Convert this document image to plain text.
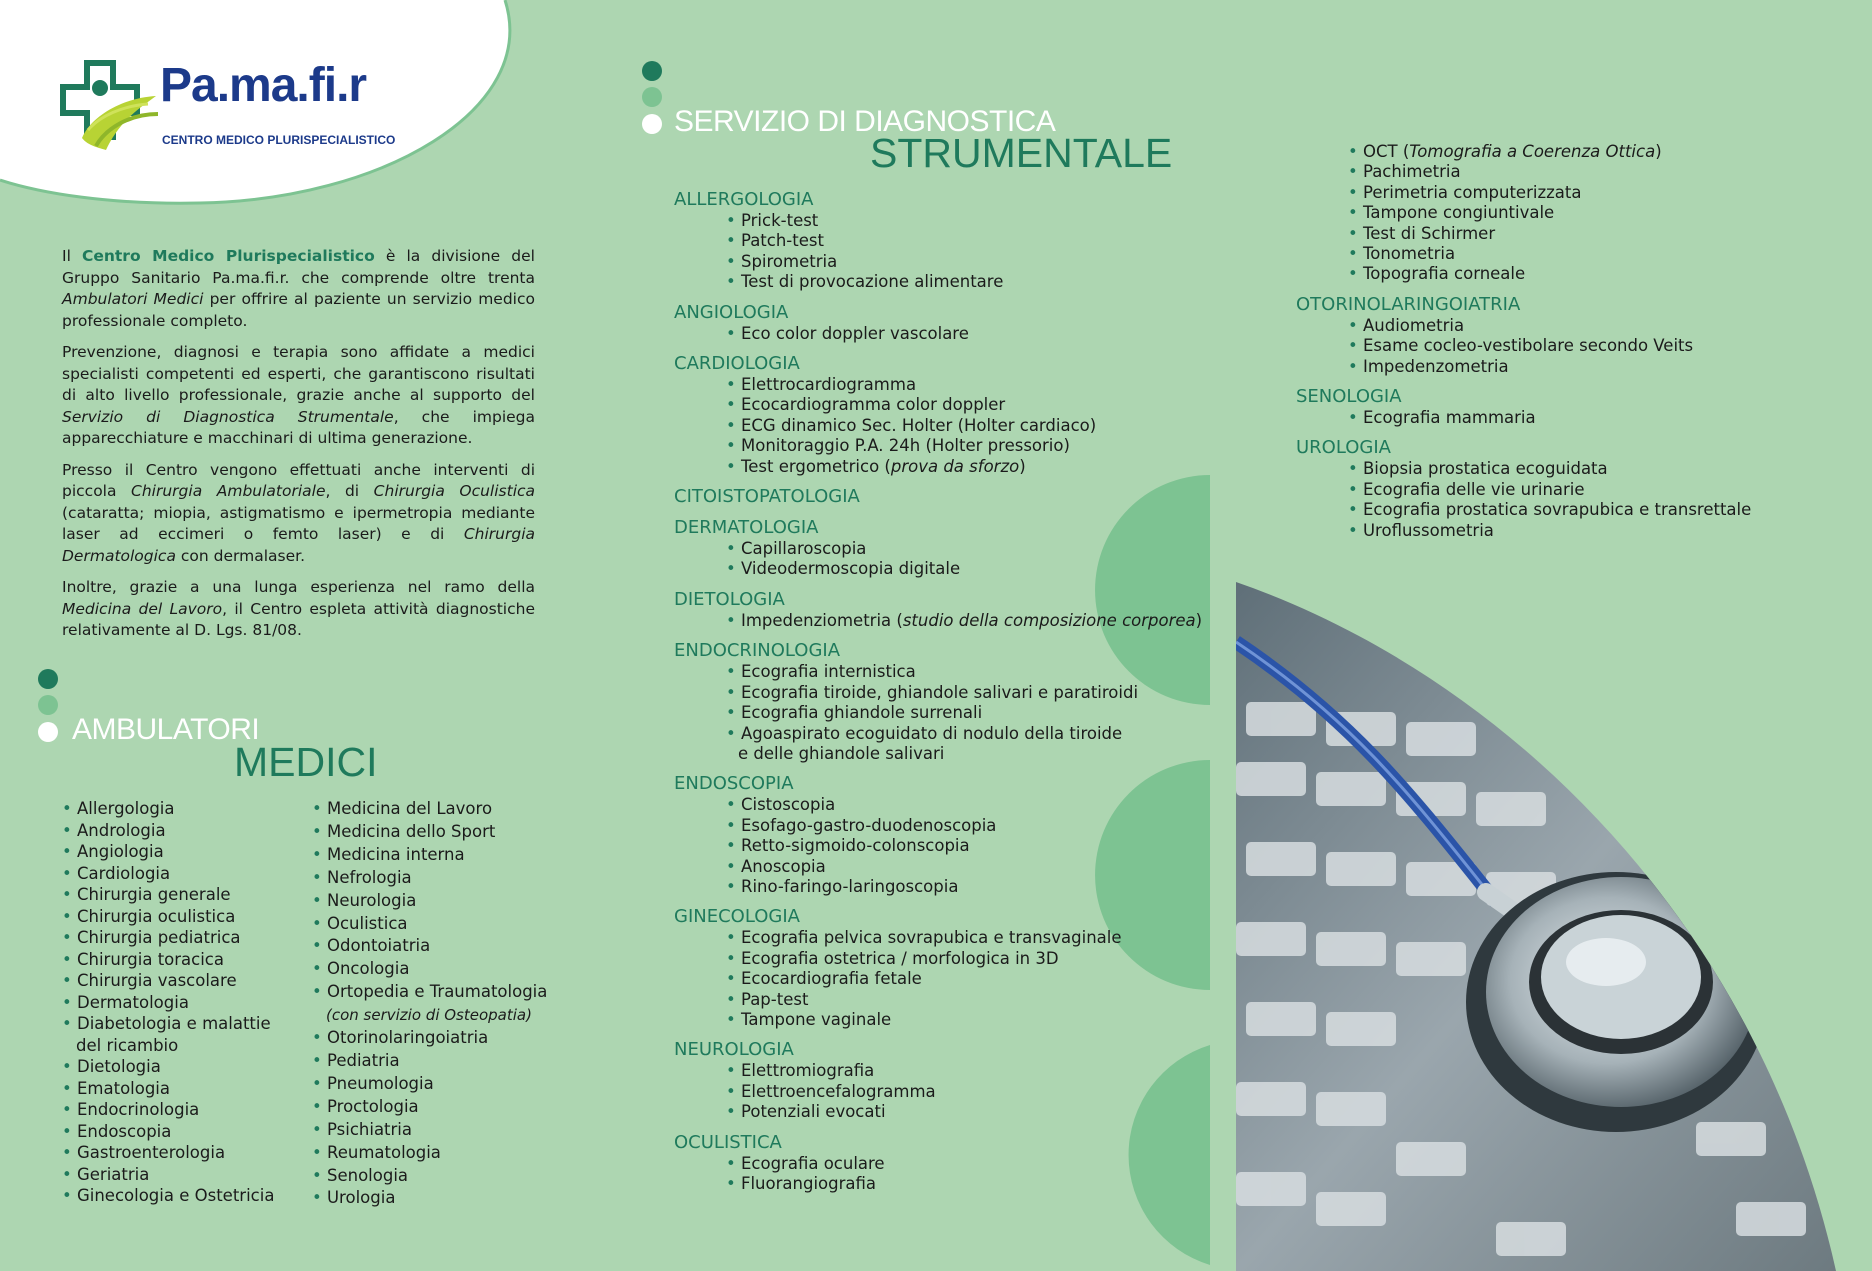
Pa.ma.fi.r
CENTRO MEDICO PLURISPECIALISTICO

Il Centro Medico Plurispecialistico è la divisione del Gruppo Sanitario Pa.ma.fi.r. che comprende oltre trenta Ambulatori Medici per offrire al paziente un servizio medico professionale completo.

Prevenzione, diagnosi e terapia sono affidate a medici specialisti competenti ed esperti, che garantiscono risultati di alto livello professionale, grazie anche al supporto del Servizio di Diagnostica Strumentale, che impiega apparecchiature e macchinari di ultima generazione.

Presso il Centro vengono effettuati anche interventi di piccola Chirurgia Ambulatoriale, di Chirurgia Oculistica (cataratta; miopia, astigmatismo e ipermetropia mediante laser ad eccimeri o femto laser) e di Chirurgia Dermatologica con dermalaser.

Inoltre, grazie a una lunga esperienza nel ramo della Medicina del Lavoro, il Centro espleta attività diagnostiche relativamente al D. Lgs. 81/08.

AMBULATORI
MEDICI
• Allergologia
• Andrologia
• Angiologia
• Cardiologia
• Chirurgia generale
• Chirurgia oculistica
• Chirurgia pediatrica
• Chirurgia toracica
• Chirurgia vascolare
• Dermatologia
• Diabetologia e malattie
del ricambio
• Dietologia
• Ematologia
• Endocrinologia
• Endoscopia
• Gastroenterologia
• Geriatria
• Ginecologia e Ostetricia
• Medicina del Lavoro
• Medicina dello Sport
• Medicina interna
• Nefrologia
• Neurologia
• Oculistica
• Odontoiatria
• Oncologia
• Ortopedia e Traumatologia
(con servizio di Osteopatia)
• Otorinolaringoiatria
• Pediatria
• Pneumologia
• Proctologia
• Psichiatria
• Reumatologia
• Senologia
• Urologia
SERVIZIO DI DIAGNOSTICA
STRUMENTALE
ALLERGOLOGIA
• Prick-test
• Patch-test
• Spirometria
• Test di provocazione alimentare
ANGIOLOGIA
• Eco color doppler vascolare
CARDIOLOGIA
• Elettrocardiogramma
• Ecocardiogramma color doppler
• ECG dinamico Sec. Holter (Holter cardiaco)
• Monitoraggio P.A. 24h (Holter pressorio)
• Test ergometrico (prova da sforzo)
CITOISTOPATOLOGIA
DERMATOLOGIA
• Capillaroscopia
• Videodermoscopia digitale
DIETOLOGIA
• Impedenziometria (studio della composizione corporea)
ENDOCRINOLOGIA
• Ecografia internistica
• Ecografia tiroide, ghiandole salivari e paratiroidi
• Ecografia ghiandole surrenali
• Agoaspirato ecoguidato di nodulo della tiroide
e delle ghiandole salivari
ENDOSCOPIA
• Cistoscopia
• Esofago-gastro-duodenoscopia
• Retto-sigmoido-colonscopia
• Anoscopia
• Rino-faringo-laringoscopia
GINECOLOGIA
• Ecografia pelvica sovrapubica e transvaginale
• Ecografia ostetrica / morfologica in 3D
• Ecocardiografia fetale
• Pap-test
• Tampone vaginale
NEUROLOGIA
• Elettromiografia
• Elettroencefalogramma
• Potenziali evocati
OCULISTICA
• Ecografia oculare
• Fluorangiografia
• OCT (Tomografia a Coerenza Ottica)
• Pachimetria
• Perimetria computerizzata
• Tampone congiuntivale
• Test di Schirmer
• Tonometria
• Topografia corneale
OTORINOLARINGOIATRIA
• Audiometria
• Esame cocleo-vestibolare secondo Veits
• Impedenzometria
SENOLOGIA
• Ecografia mammaria
UROLOGIA
• Biopsia prostatica ecoguidata
• Ecografia delle vie urinarie
• Ecografia prostatica sovrapubica e transrettale
• Uroflussometria
